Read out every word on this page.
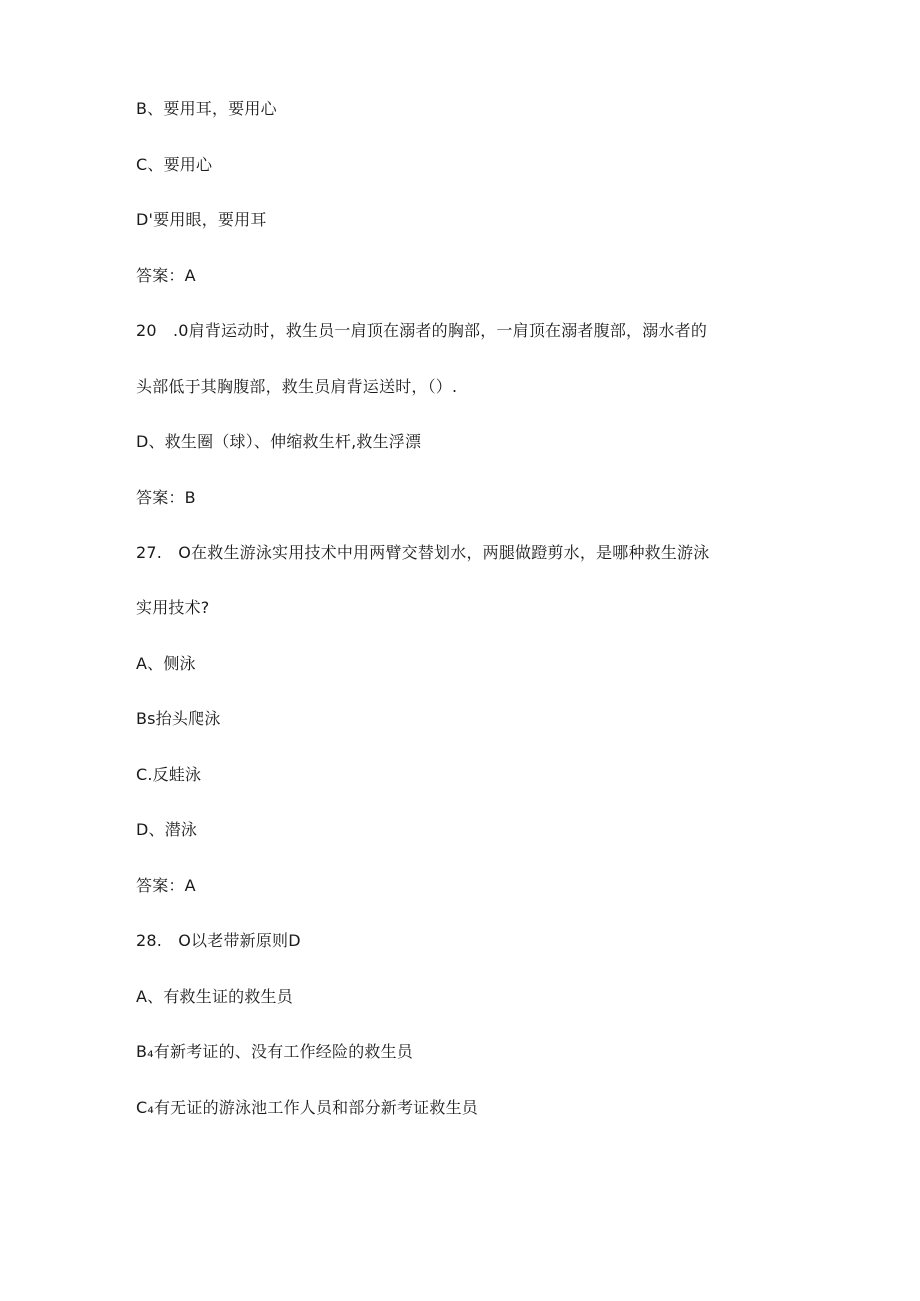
B、要用耳，要用心
C、要用心
D'要用眼，要用耳
答案：A
20　.0肩背运动时，救生员一肩顶在溺者的胸部，一肩顶在溺者腹部，溺水者的
头部低于其胸腹部，救生员肩背运送时，（）.
D、救生圈（球）、伸缩救生杆,救生浮漂
答案：B
27.　O在救生游泳实用技术中用两臂交替划水，两腿做蹬剪水，是哪种救生游泳
实用技术?
A、侧泳
Bs抬头爬泳
C.反蛙泳
D、潜泳
答案：A
28.　O以老带新原则D
A、有救生证的救生员
B₄有新考证的、没有工作经险的救生员
C₄有无证的游泳池工作人员和部分新考证救生员
